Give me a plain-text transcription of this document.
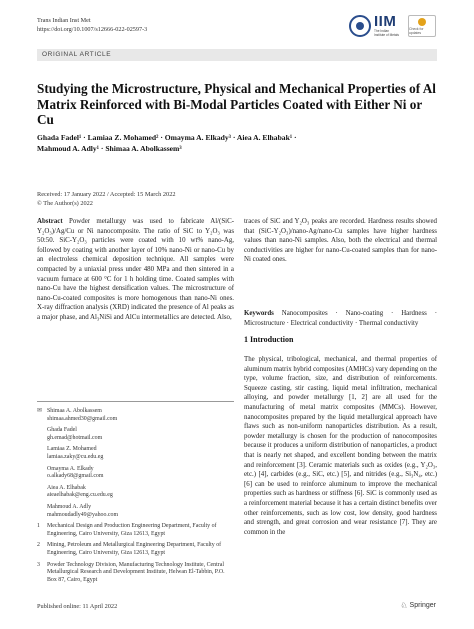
Trans Indian Inst Met
https://doi.org/10.1007/s12666-022-02597-3	IIM
The Indian Institute of Metals
Check for updates
ORIGINAL ARTICLE
Studying the Microstructure, Physical and Mechanical Properties of Al Matrix Reinforced with Bi-Modal Particles Coated with Either Ni or Cu
Ghada Fadel¹ · Lamiaa Z. Mohamed² · Omayma A. Elkady³ · Aiea A. Elhabak¹ ·
Mahmoud A. Adly¹ · Shimaa A. Abolkassem³
Received: 17 January 2022 / Accepted: 15 March 2022
© The Author(s) 2022

Abstract Powder metallurgy was used to fabricate Al/(SiC-Y₂O₃)/Ag/Cu or Ni nanocomposite. The ratio of SiC to Y₂O₃ was 50:50. SiC-Y₂O₃ particles were coated with 10 wt% nano-Ag, followed by coating with another layer of 10% nano-Ni or nano-Cu by an electroless chemical deposition technique. All samples were compacted by a uniaxial press under 480 MPa and then sintered in a vacuum furnace at 600 °C for 1 h holding time. Coated samples with nano-Cu have the highest densification values. The microstructure of nano-Cu-coated composites is more homogenous than nano-Ni ones. X-ray diffraction analysis (XRD) indicated the presence of Al peaks as a major phase, and Al₃NiSi and AlCu intermetallics are detected. Also,

traces of SiC and Y₂O₃ peaks are recorded. Hardness results showed that (SiC-Y₂O₃)/nano-Ag/nano-Cu samples have higher hardness values than nano-Ni samples. Also, both the electrical and thermal conductivities are higher for nano-Cu-coated samples than for nano-Ni coated ones.

Keywords Nanocomposites · Nano-coating · Hardness · Microstructure · Electrical conductivity · Thermal conductivity

1 Introduction

The physical, tribological, mechanical, and thermal properties of aluminum matrix hybrid composites (AMHCs) vary depending on the type, volume fraction, size, and distribution of reinforcements. Squeeze casting, stir casting, liquid metal infiltration, mechanical alloying, and powder metallurgy [1, 2] are all used for the manufacturing of metal matrix composites (MMCs). However, nanocomposites prepared by the liquid metallurgical approach have flaws such as non-uniform nanoparticles distribution. As a result, powder metallurgy is chosen for the production of nanocomposites because it produces a uniform distribution of nanoparticles, a product that is nearly net shaped, and excellent bonding between the matrix and reinforcement [3]. Ceramic materials such as oxides (e.g., Y₂O₃, etc.) [4], carbides (e.g., SiC, etc.) [5], and nitrides (e.g., Si₃N₄, etc.) [6] can be used to reinforce aluminum to improve the mechanical properties such as hardness or stiffness [6]. SiC is commonly used as a reinforcement material because it has a certain distinct benefits over other reinforcements, such as low cost, low density, good hardness and strength, and great corrosion and wear resistance [7]. They are common in the

✉ Shimaa A. Abolkassem
shimaa.ahmed30@gmail.com
Ghada Fadel
gh.emad@hotmail.com
Lamiaa Z. Mohamed
lamiaa.zaky@cu.edu.eg
Omayma A. Elkady
o.alkady68@gmail.com
Aiea A. Elhabak
aieaelhabak@eng.cu.edu.eg
Mahmoud A. Adly
mahmoudadly49@yahoo.com
1	Mechanical Design and Production Engineering Department, Faculty of Engineering, Cairo University, Giza 12613, Egypt
2	Mining, Petroleum and Metallurgical Engineering Department, Faculty of Engineering, Cairo University, Giza 12613, Egypt
3	Powder Technology Division, Manufacturing Technology Institute, Central Metallurgical Research and Development Institute, Helwan El-Tabbin, P.O. Box 87, Cairo, Egypt
Published online: 11 April 2022	♘ Springer
